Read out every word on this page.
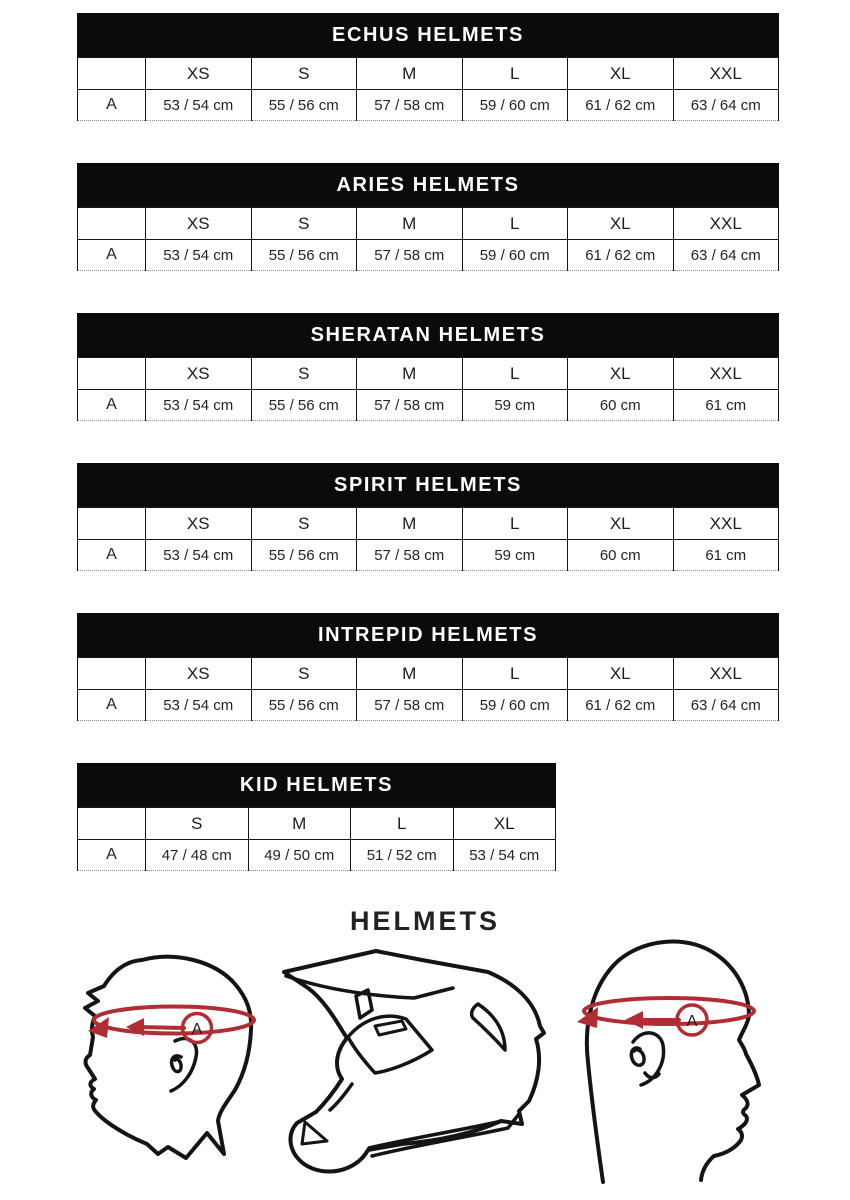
ECHUS HELMETS
	XS	S	M	L	XL	XXL
A	53 / 54 cm	55 / 56 cm	57 / 58 cm	59 / 60 cm	61 / 62 cm	63 / 64 cm
ARIES HELMETS
	XS	S	M	L	XL	XXL
A	53 / 54 cm	55 / 56 cm	57 / 58 cm	59 / 60 cm	61 / 62 cm	63 / 64 cm
SHERATAN HELMETS
	XS	S	M	L	XL	XXL
A	53 / 54 cm	55 / 56 cm	57 / 58 cm	59 cm	60 cm	61 cm
SPIRIT HELMETS
	XS	S	M	L	XL	XXL
A	53 / 54 cm	55 / 56 cm	57 / 58 cm	59 cm	60 cm	61 cm
INTREPID HELMETS
	XS	S	M	L	XL	XXL
A	53 / 54 cm	55 / 56 cm	57 / 58 cm	59 / 60 cm	61 / 62 cm	63 / 64 cm
KID HELMETS
	S	M	L	XL
A	47 / 48 cm	49 / 50 cm	51 / 52 cm	53 / 54 cm
HELMETS
A	A
